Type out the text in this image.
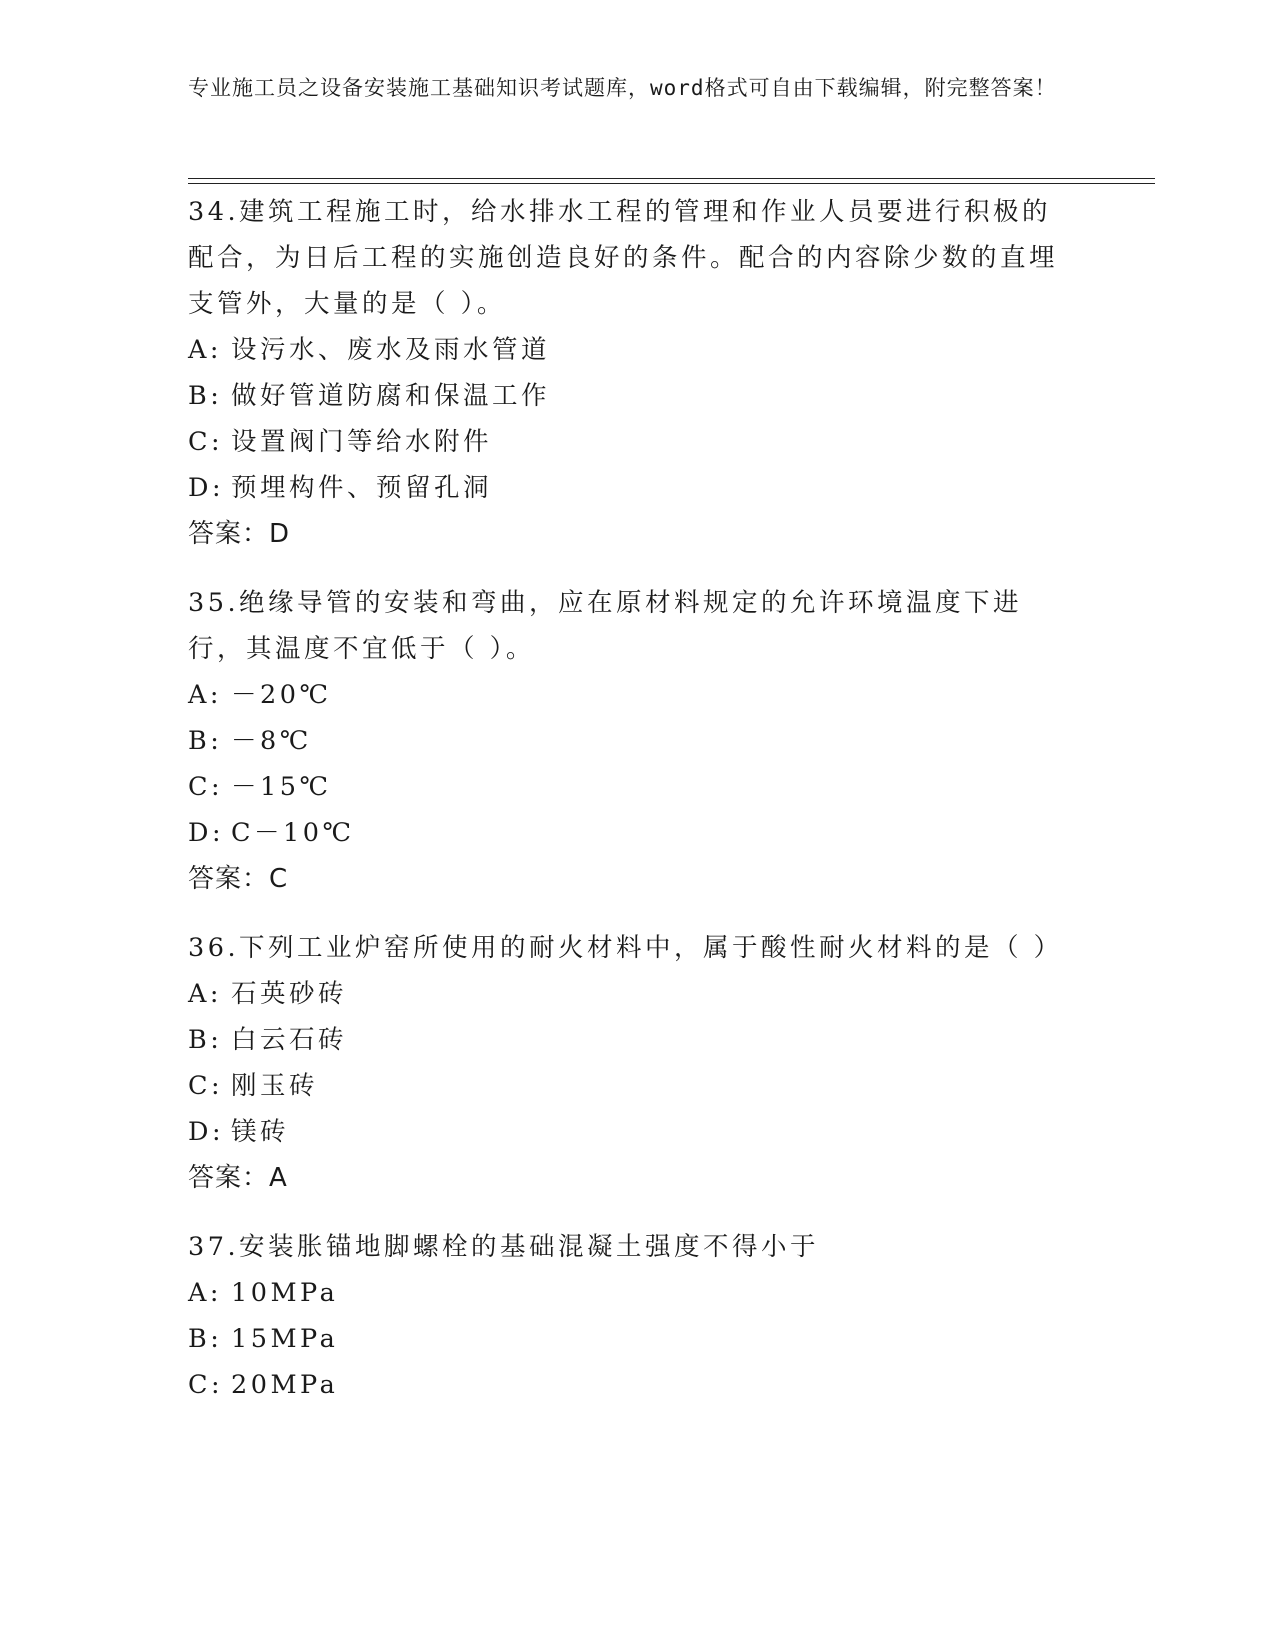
专业施工员之设备安装施工基础知识考试题库，word格式可自由下载编辑，附完整答案！

34.建筑工程施工时，给水排水工程的管理和作业人员要进行积极的配合，为日后工程的实施创造良好的条件。配合的内容除少数的直埋支管外，大量的是（ ）。

A: 设污水、废水及雨水管道
B: 做好管道防腐和保温工作
C: 设置阀门等给水附件
D: 预埋构件、预留孔洞
答案：D

35.绝缘导管的安装和弯曲，应在原材料规定的允许环境温度下进行，其温度不宜低于（ ）。

A: －20℃
B: －8℃
C: －15℃
D: C－10℃
答案：C

36.下列工业炉窑所使用的耐火材料中，属于酸性耐火材料的是（ ）

A: 石英砂砖
B: 白云石砖
C: 刚玉砖
D: 镁砖
答案：A

37.安装胀锚地脚螺栓的基础混凝土强度不得小于

A: 10MPa
B: 15MPa
C: 20MPa
